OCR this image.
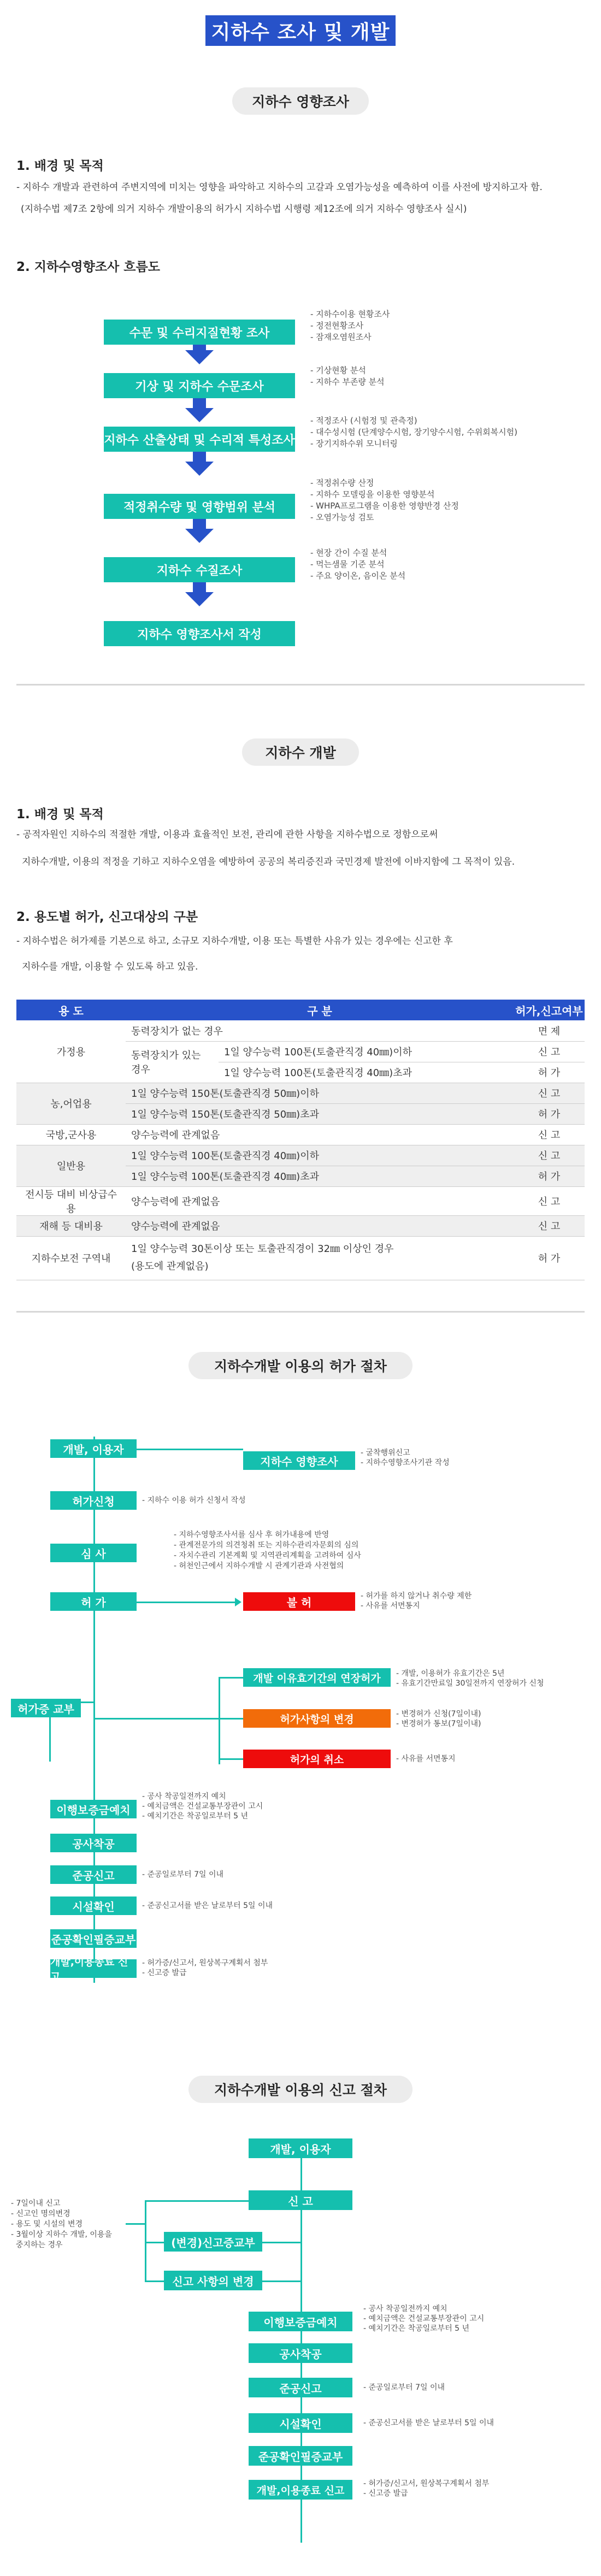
지하수 조사 및 개발
지하수 영향조사
1. 배경 및 목적
- 지하수 개발과 관련하여 주변지역에 미치는 영향을 파악하고 지하수의 고갈과 오염가능성을 예측하여 이를 사전에 방지하고자 함.
(지하수법 제7조 2항에 의거 지하수 개발이용의 허가시 지하수법 시행령 제12조에 의거 지하수 영향조사 실시)
2. 지하수영향조사 흐름도
수문 및 수리지질현황 조사
기상 및 지하수 수문조사
지하수 산출상태 및 수리적 특성조사
적정취수량 및 영향범위 분석
지하수 수질조사
지하수 영향조사서 작성
- 지하수이용 현황조사
- 정전현황조사
- 잠재오염원조사
- 기상현황 분석
- 지하수 부존량 분석
- 적정조사 (시험정 및 관측정)
- 대수성시험 (단계양수시험, 장기양수시험, 수위회복시험)
- 장기지하수위 모니터링
- 적정취수량 산정
- 지하수 모델링을 이용한 영향분석
- WHPA프로그램을 이용한 영향반경 산정
- 오염가능성 검토
- 현장 간이 수질 분석
- 먹는샘물 기준 분석
- 주요 양이온, 음이온 분석
지하수 개발
1. 배경 및 목적
- 공적자원인 지하수의 적절한 개발, 이용과 효율적인 보전, 관리에 관한 사항을 지하수법으로 정함으로써
지하수개발, 이용의 적정을 기하고 지하수오염을 예방하여 공공의 복리증진과 국민경제 발전에 이바지함에 그 목적이 있음.
2. 용도별 허가, 신고대상의 구분
- 지하수법은 허가제를 기본으로 하고, 소규모 지하수개발, 이용 또는 특별한 사유가 있는 경우에는 신고한 후
지하수를 개발, 이용할 수 있도록 하고 있음.
용 도	구 분		허가,신고여부
가정용	동력장치가 없는 경우		면 제
	동력장치가 있는 경우	1일 양수능력 100톤(토출관직경 40㎜)이하	신 고
		1일 양수능력 100톤(토출관직경 40㎜)초과	허 가
농,어업용	1일 양수능력 150톤(토출관직경 50㎜)이하		신 고
	1일 양수능력 150톤(토출관직경 50㎜)초과		허 가
국방,군사용	양수능력에 관계없음		신 고
일반용	1일 양수능력 100톤(토출관직경 40㎜)이하		신 고
	1일 양수능력 100톤(토출관직경 40㎜)초과		허 가
전시등 대비 비상급수용	양수능력에 관계없음		신 고
재해 등 대비용	양수능력에 관계없음		신 고
지하수보전 구역내	1일 양수능력 30톤이상 또는 토출관직경이 32㎜ 이상인 경우
(용도에 관계없음)		허 가
지하수개발 이용의 허가 절차
개발, 이용자
허가신청
심 사
허 가
이행보증금예치
공사착공
준공신고
시설확인
준공확인필증교부
개발,이용종료 신고
지하수 영향조사
불 허
개발 이유효기간의 연장허가
허가사항의 변경
허가의 취소
허가증 교부
- 굴착행위신고
- 지하수영향조사기관 작성
- 지하수 이용 허가 신청서 작성
- 지하수영향조사서를 심사 후 허가내용에 반영
- 관계전문가의 의견청취 또는 지하수관리자문회의 심의
- 자치수관리 기본계획 및 지역관리계획을 고려하여 심사
- 허천인근에서 지하수개발 시 관계기관과 사전협의
- 허가를 하지 않거나 취수량 제한
- 사유를 서면통지
- 개발, 이용허가 유효기간은 5년
- 유효기간만료일 30일전까지 연장허가 신청
- 변경허가 신청(7일이내)
- 변경허가 통보(7일이내)
- 사유를 서면통지
- 공사 착공일전까지 예치
- 예치금액은 건설교통부장관이 고시
- 예치기간은 착공일로부터 5 년
- 준공일로부터 7일 이내
- 준공신고서를 받은 날로부터 5일 이내
- 허가증/신고서, 원상복구계획서 첨부
- 신고증 발급
지하수개발 이용의 신고 절차
개발, 이용자
신 고
(변경)신고증교부
신고 사항의 변경
이행보증금예치
공사착공
준공신고
시설확인
준공확인필증교부
개발,이용종료 신고
- 7일이내 신고
- 신고인 명의변경
- 용도 및 시설의 변경
- 3월이상 지하수 개발, 이용을
중지하는 경우
- 공사 착공일전까지 예치
- 예치금액은 건설교통부장관이 고시
- 예치기간은 착공일로부터 5 년
- 준공일로부터 7일 이내
- 준공신고서를 받은 날로부터 5일 이내
- 허가증/신고서, 원상복구계획서 첨부
- 신고증 발급
